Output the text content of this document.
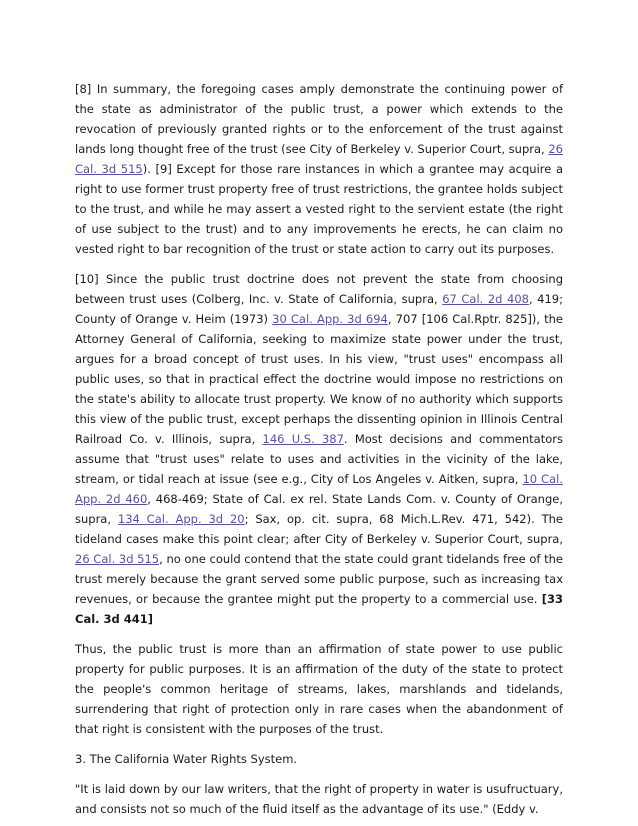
[8] In summary, the foregoing cases amply demonstrate the continuing power of the state as administrator of the public trust, a power which extends to the revocation of previously granted rights or to the enforcement of the trust against lands long thought free of the trust (see City of Berkeley v. Superior Court, supra, 26 Cal. 3d 515). [9] Except for those rare instances in which a grantee may acquire a right to use former trust property free of trust restrictions, the grantee holds subject to the trust, and while he may assert a vested right to the servient estate (the right of use subject to the trust) and to any improvements he erects, he can claim no vested right to bar recognition of the trust or state action to carry out its purposes.

[10] Since the public trust doctrine does not prevent the state from choosing between trust uses (Colberg, Inc. v. State of California, supra, 67 Cal. 2d 408, 419; County of Orange v. Heim (1973) 30 Cal. App. 3d 694, 707 [106 Cal.Rptr. 825]), the Attorney General of California, seeking to maximize state power under the trust, argues for a broad concept of trust uses. In his view, "trust uses" encompass all public uses, so that in practical effect the doctrine would impose no restrictions on the state's ability to allocate trust property. We know of no authority which supports this view of the public trust, except perhaps the dissenting opinion in Illinois Central Railroad Co. v. Illinois, supra, 146 U.S. 387. Most decisions and commentators assume that "trust uses" relate to uses and activities in the vicinity of the lake, stream, or tidal reach at issue (see e.g., City of Los Angeles v. Aitken, supra, 10 Cal. App. 2d 460, 468-469; State of Cal. ex rel. State Lands Com. v. County of Orange, supra, 134 Cal. App. 3d 20; Sax, op. cit. supra, 68 Mich.L.Rev. 471, 542). The tideland cases make this point clear; after City of Berkeley v. Superior Court, supra, 26 Cal. 3d 515, no one could contend that the state could grant tidelands free of the trust merely because the grant served some public purpose, such as increasing tax revenues, or because the grantee might put the property to a commercial use. [33 Cal. 3d 441]

Thus, the public trust is more than an affirmation of state power to use public property for public purposes. It is an affirmation of the duty of the state to protect the people's common heritage of streams, lakes, marshlands and tidelands, surrendering that right of protection only in rare cases when the abandonment of that right is consistent with the purposes of the trust.

3. The California Water Rights System.

"It is laid down by our law writers, that the right of property in water is usufructuary, and consists not so much of the fluid itself as the advantage of its use." (Eddy v.
